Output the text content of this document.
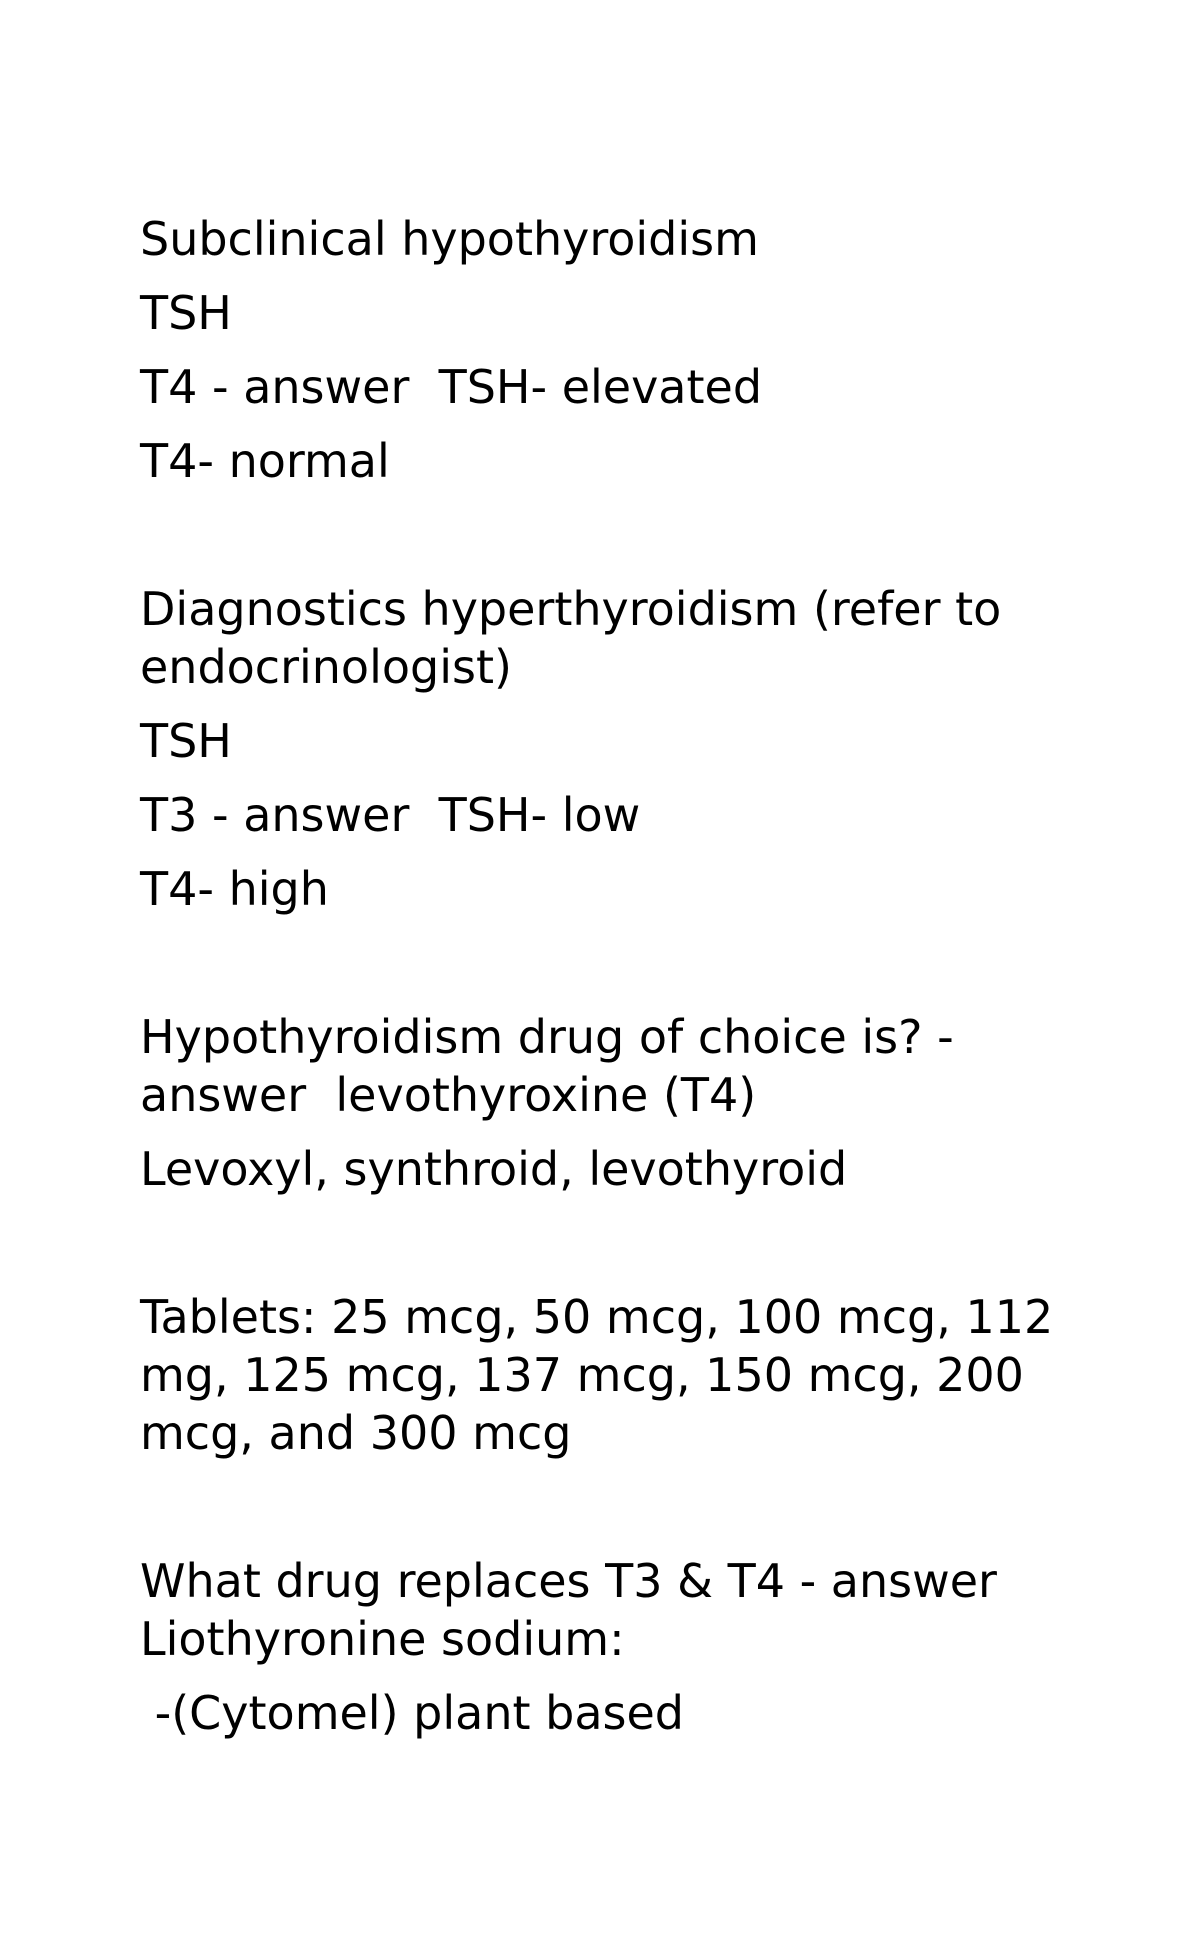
Subclinical hypothyroidism

TSH

T4 - answer  TSH- elevated

T4- normal

Diagnostics hyperthyroidism (refer to endocrinologist)

TSH

T3 - answer  TSH- low

T4- high

Hypothyroidism drug of choice is? - answer  levothyroxine (T4)

Levoxyl, synthroid, levothyroid

Tablets: 25 mcg, 50 mcg, 100 mcg, 112 mg, 125 mcg, 137 mcg, 150 mcg, 200 mcg, and 300 mcg

What drug replaces T3 & T4 - answer Liothyronine sodium:

-(Cytomel) plant based
